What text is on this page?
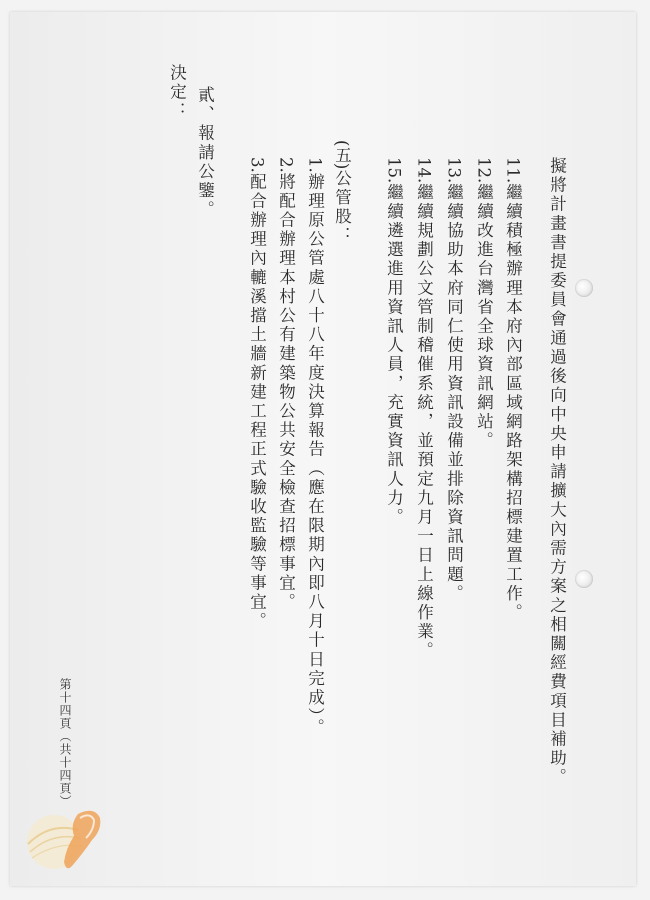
擬將計畫書提委員會通過後向中央申請擴大內需方案之相關經費項目補助。
11.繼續積極辦理本府內部區域網路架構招標建置工作。
12.繼續改進台灣省全球資訊網站。
13.繼續協助本府同仁使用資訊設備並排除資訊問題。
14.繼續規劃公文管制稽催系統，並預定九月一日上線作業。
15.繼續遴選進用資訊人員，充實資訊人力。
(五)公管股：
1.辦理原公管處八十八年度決算報告（應在限期內即八月十日完成）。
2.將配合辦理本村公有建築物公共安全檢查招標事宜。
3.配合辦理內轆溪擋土牆新建工程正式驗收監驗等事宜。
貳、報請公鑒。
決定：
第十四頁（共十四頁）
